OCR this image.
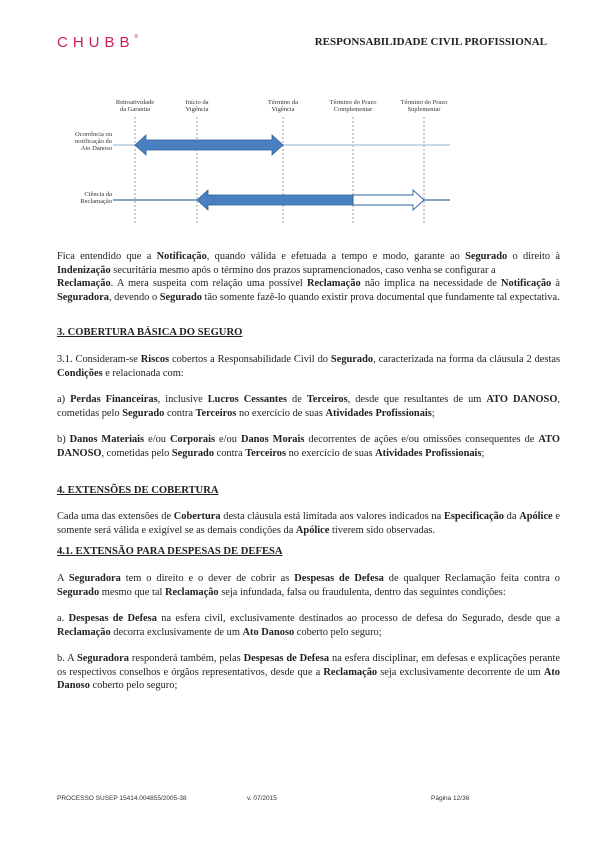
CHUBB®	RESPONSABILIDADE CIVIL PROFISSIONAL
Retroatividade da Garantia
Início da Vigência
Término da Vigência
Término do Prazo Complementar
Término do Prazo Suplementar
Ocorrência ou notificação do Ato Danoso
Ciência da Reclamação

Fica entendido que a Notificação, quando válida e efetuada a tempo e modo, garante ao Segurado o direito à Indenização securitária mesmo após o término dos prazos supramencionados, caso venha se configurar a

Reclamação. A mera suspeita com relação uma possível Reclamação não implica na necessidade de Notificação à Seguradora, devendo o Segurado tão somente fazê-lo quando existir prova documental que fundamente tal expectativa.

3. COBERTURA BÁSICA DO SEGURO

3.1. Consideram-se Riscos cobertos a Responsabilidade Civil do Segurado, caracterizada na forma da cláusula 2 destas Condições e relacionada com:

a) Perdas Financeiras, inclusive Lucros Cessantes de Terceiros, desde que resultantes de um ATO DANOSO, cometidas pelo Segurado contra Terceiros no exercício de suas Atividades Profissionais;

b) Danos Materiais e/ou Corporais e/ou Danos Morais decorrentes de ações e/ou omissões consequentes de ATO DANOSO, cometidas pelo Segurado contra Terceiros no exercício de suas Atividades Profissionais;

4. EXTENSÕES DE COBERTURA

Cada uma das extensões de Cobertura desta cláusula está limitada aos valores indicados na Especificação da Apólice e somente será válida e exigível se as demais condições da Apólice tiverem sido observadas.

4.1. EXTENSÃO PARA DESPESAS DE DEFESA

A Seguradora tem o direito e o dever de cobrir as Despesas de Defesa de qualquer Reclamação feita contra o Segurado mesmo que tal Reclamação seja infundada, falsa ou fraudulenta, dentro das seguintes condições:

a. Despesas de Defesa na esfera civil, exclusivamente destinados ao processo de defesa do Segurado, desde que a Reclamação decorra exclusivamente de um Ato Danoso coberto pelo seguro;

b. A Seguradora responderá também, pelas Despesas de Defesa na esfera disciplinar, em defesas e explicações perante os respectivos conselhos e órgãos representativos, desde que a Reclamação seja exclusivamente decorrente de um Ato Danoso coberto pelo seguro;

PROCESSO SUSEP 15414.004855/2005-38	v. 07/2015	Página 12/36
